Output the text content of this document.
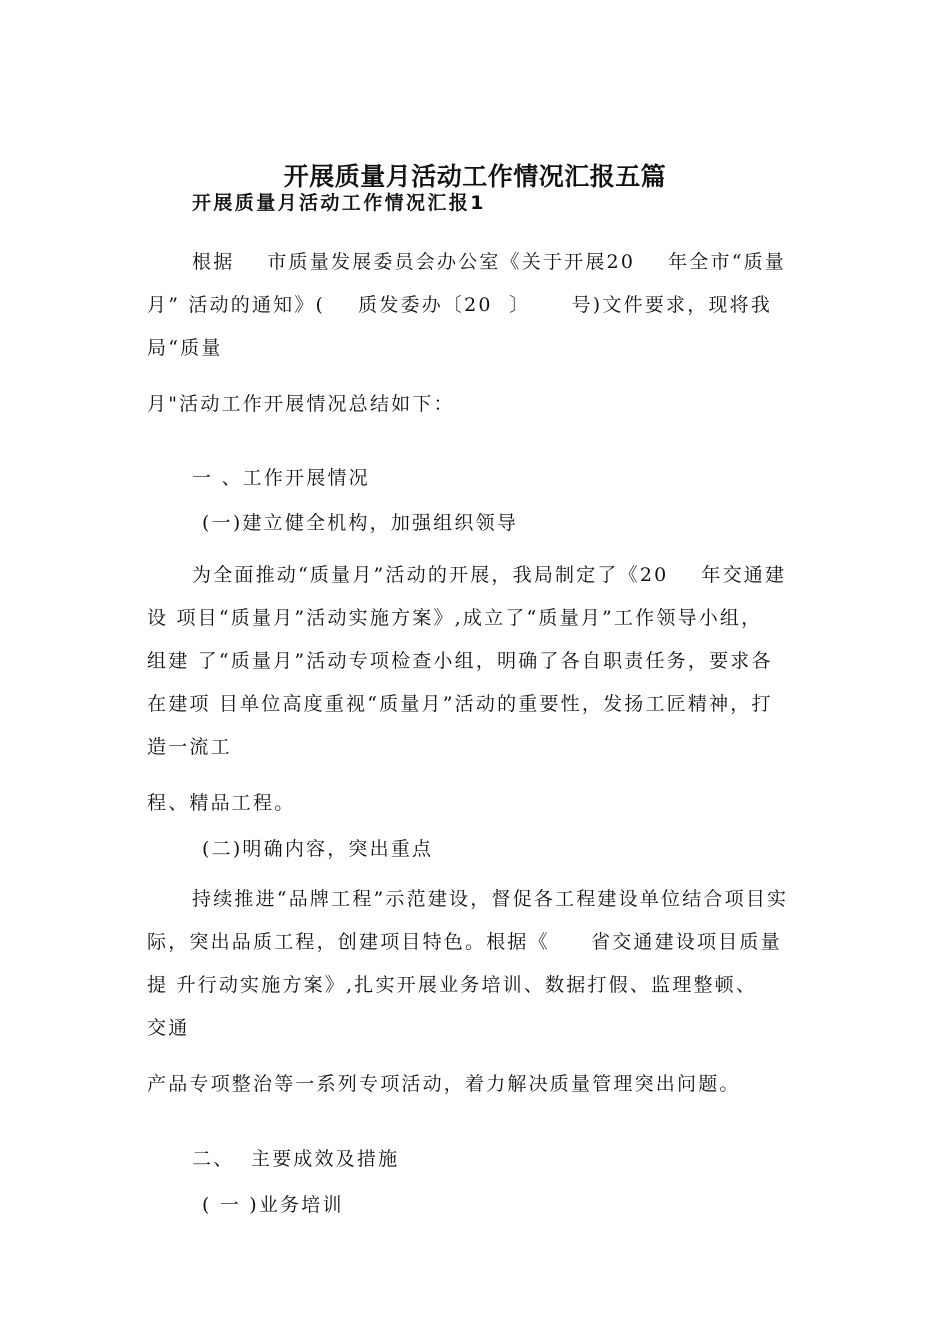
开展质量月活动工作情况汇报五篇
开展质量月活动工作情况汇报1
根据    市质量发展委员会办公室《关于开展20    年全市“质量
月” 活动的通知》(    质发委办〔20  〕     号)文件要求，现将我
局“质量
月"活动工作开展情况总结如下：
一 、工作开展情况
(一)建立健全机构，加强组织领导
为全面推动“质量月”活动的开展，我局制定了《20    年交通建
设 项目“质量月”活动实施方案》,成立了“质量月”工作领导小组，
组建 了“质量月”活动专项检查小组，明确了各自职责任务，要求各
在建项 目单位高度重视“质量月”活动的重要性，发扬工匠精神，打
造一流工
程、精品工程。
(二)明确内容，突出重点
持续推进“品牌工程”示范建设，督促各工程建设单位结合项目实
际，突出品质工程，创建项目特色。根据《     省交通建设项目质量
提 升行动实施方案》,扎实开展业务培训、数据打假、监理整顿、
交通
产品专项整治等一系列专项活动，着力解决质量管理突出问题。
二、  主要成效及措施
( 一 )业务培训
